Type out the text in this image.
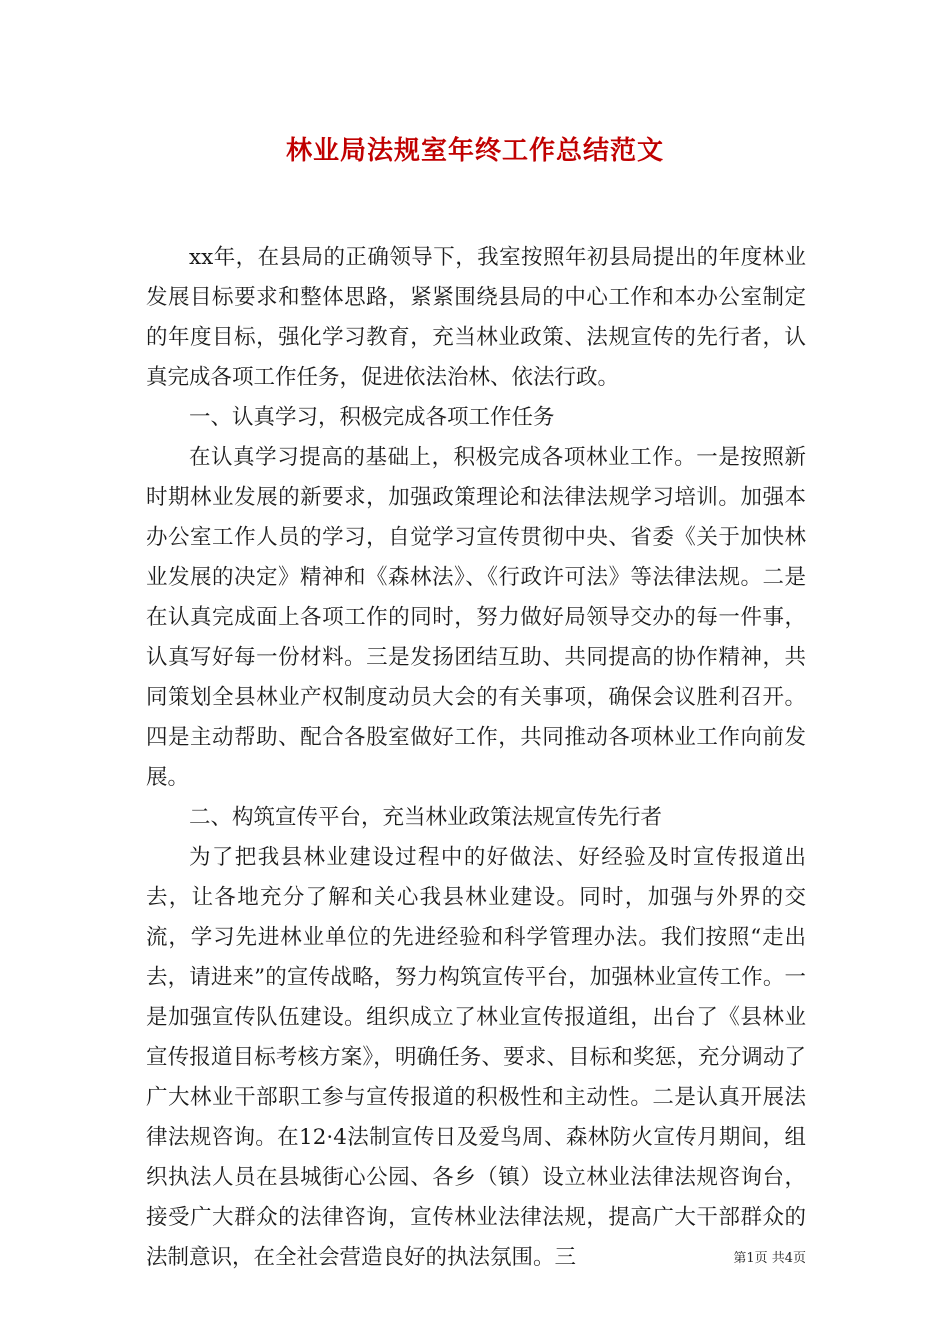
林业局法规室年终工作总结范文

xx年，在县局的正确领导下，我室按照年初县局提出的年度林业发展目标要求和整体思路，紧紧围绕县局的中心工作和本办公室制定的年度目标，强化学习教育，充当林业政策、法规宣传的先行者，认真完成各项工作任务，促进依法治林、依法行政。

一、认真学习，积极完成各项工作任务

在认真学习提高的基础上，积极完成各项林业工作。一是按照新时期林业发展的新要求，加强政策理论和法律法规学习培训。加强本办公室工作人员的学习，自觉学习宣传贯彻中央、省委《关于加快林业发展的决定》精神和《森林法》、《行政许可法》等法律法规。二是在认真完成面上各项工作的同时，努力做好局领导交办的每一件事，认真写好每一份材料。三是发扬团结互助、共同提高的协作精神，共同策划全县林业产权制度动员大会的有关事项，确保会议胜利召开。四是主动帮助、配合各股室做好工作，共同推动各项林业工作向前发展。

二、构筑宣传平台，充当林业政策法规宣传先行者

为了把我县林业建设过程中的好做法、好经验及时宣传报道出去，让各地充分了解和关心我县林业建设。同时，加强与外界的交流，学习先进林业单位的先进经验和科学管理办法。我们按照“走出去，请进来”的宣传战略，努力构筑宣传平台，加强林业宣传工作。一是加强宣传队伍建设。组织成立了林业宣传报道组，出台了《县林业宣传报道目标考核方案》，明确任务、要求、目标和奖惩，充分调动了广大林业干部职工参与宣传报道的积极性和主动性。二是认真开展法律法规咨询。在12·4法制宣传日及爱鸟周、森林防火宣传月期间，组织执法人员在县城街心公园、各乡（镇）设立林业法律法规咨询台，接受广大群众的法律咨询，宣传林业法律法规，提高广大干部群众的法制意识，在全社会营造良好的执法氛围。三	第1页 共4页
